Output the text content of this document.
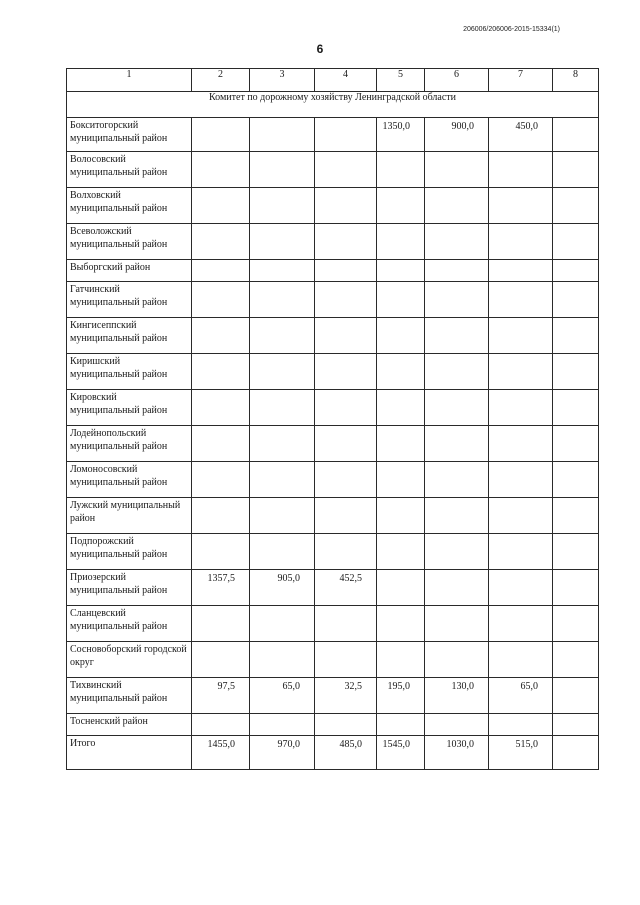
206006/206006-2015-15334(1)
6
1	2	3	4	5	6	7	8
Комитет по дорожному хозяйству Ленинградской области							
Бокситогорский муниципальный район				1350,0	900,0	450,0	
Волосовский муниципальный район							
Волховский муниципальный район							
Всеволожский муниципальный район							
Выборгский район							
Гатчинский муниципальный район							
Кингисеппский муниципальный район							
Киришский муниципальный район							
Кировский муниципальный район							
Лодейнопольский муниципальный район							
Ломоносовский муниципальный район							
Лужский муниципальный район							
Подпорожский муниципальный район							
Приозерский муниципальный район	1357,5	905,0	452,5				
Сланцевский муниципальный район							
Сосновоборский городской округ							
Тихвинский муниципальный район	97,5	65,0	32,5	195,0	130,0	65,0	
Тосненский район							
Итого	1455,0	970,0	485,0	1545,0	1030,0	515,0	
